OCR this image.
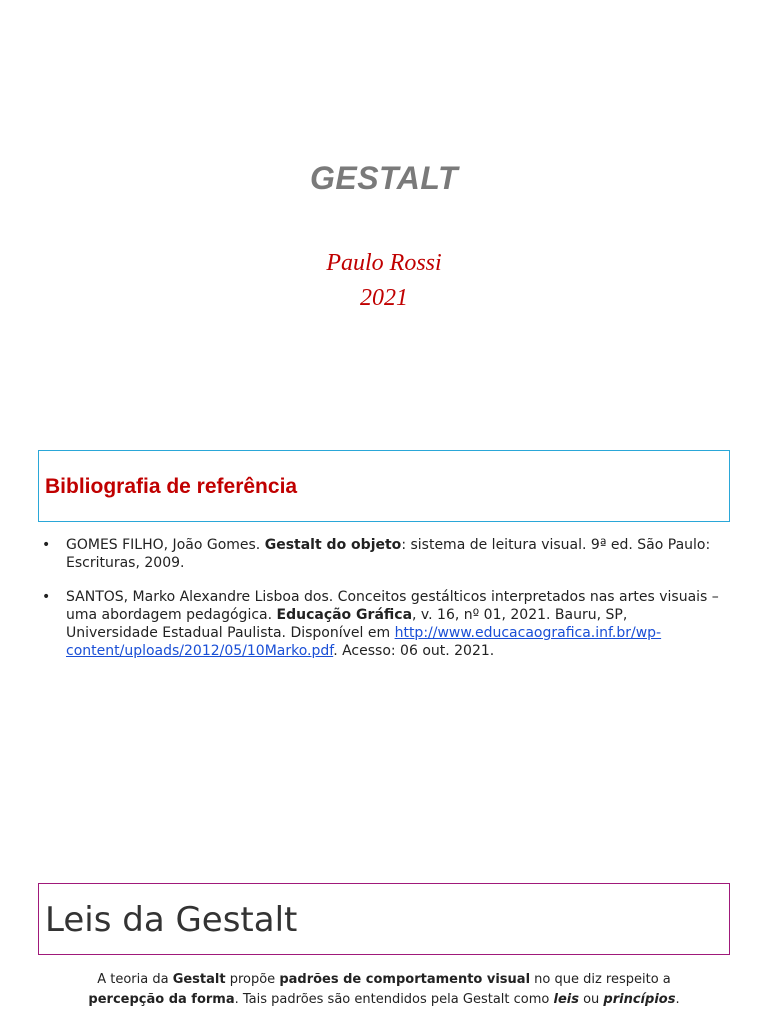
GESTALT
Paulo Rossi
2021
Bibliografia de referência
• GOMES FILHO, João Gomes. Gestalt do objeto: sistema de leitura visual. 9ª ed. São Paulo: Escrituras, 2009.
• SANTOS, Marko Alexandre Lisboa dos. Conceitos gestálticos interpretados nas artes visuais – uma abordagem pedagógica. Educação Gráfica, v. 16, nº 01, 2021. Bauru, SP, Universidade Estadual Paulista. Disponível em http://www.educacaografica.inf.br/wp-content/uploads/2012/05/10Marko.pdf. Acesso: 06 out. 2021.
Leis da Gestalt
A teoria da Gestalt propõe padrões de comportamento visual no que diz respeito a
percepção da forma. Tais padrões são entendidos pela Gestalt como leis ou princípios.
